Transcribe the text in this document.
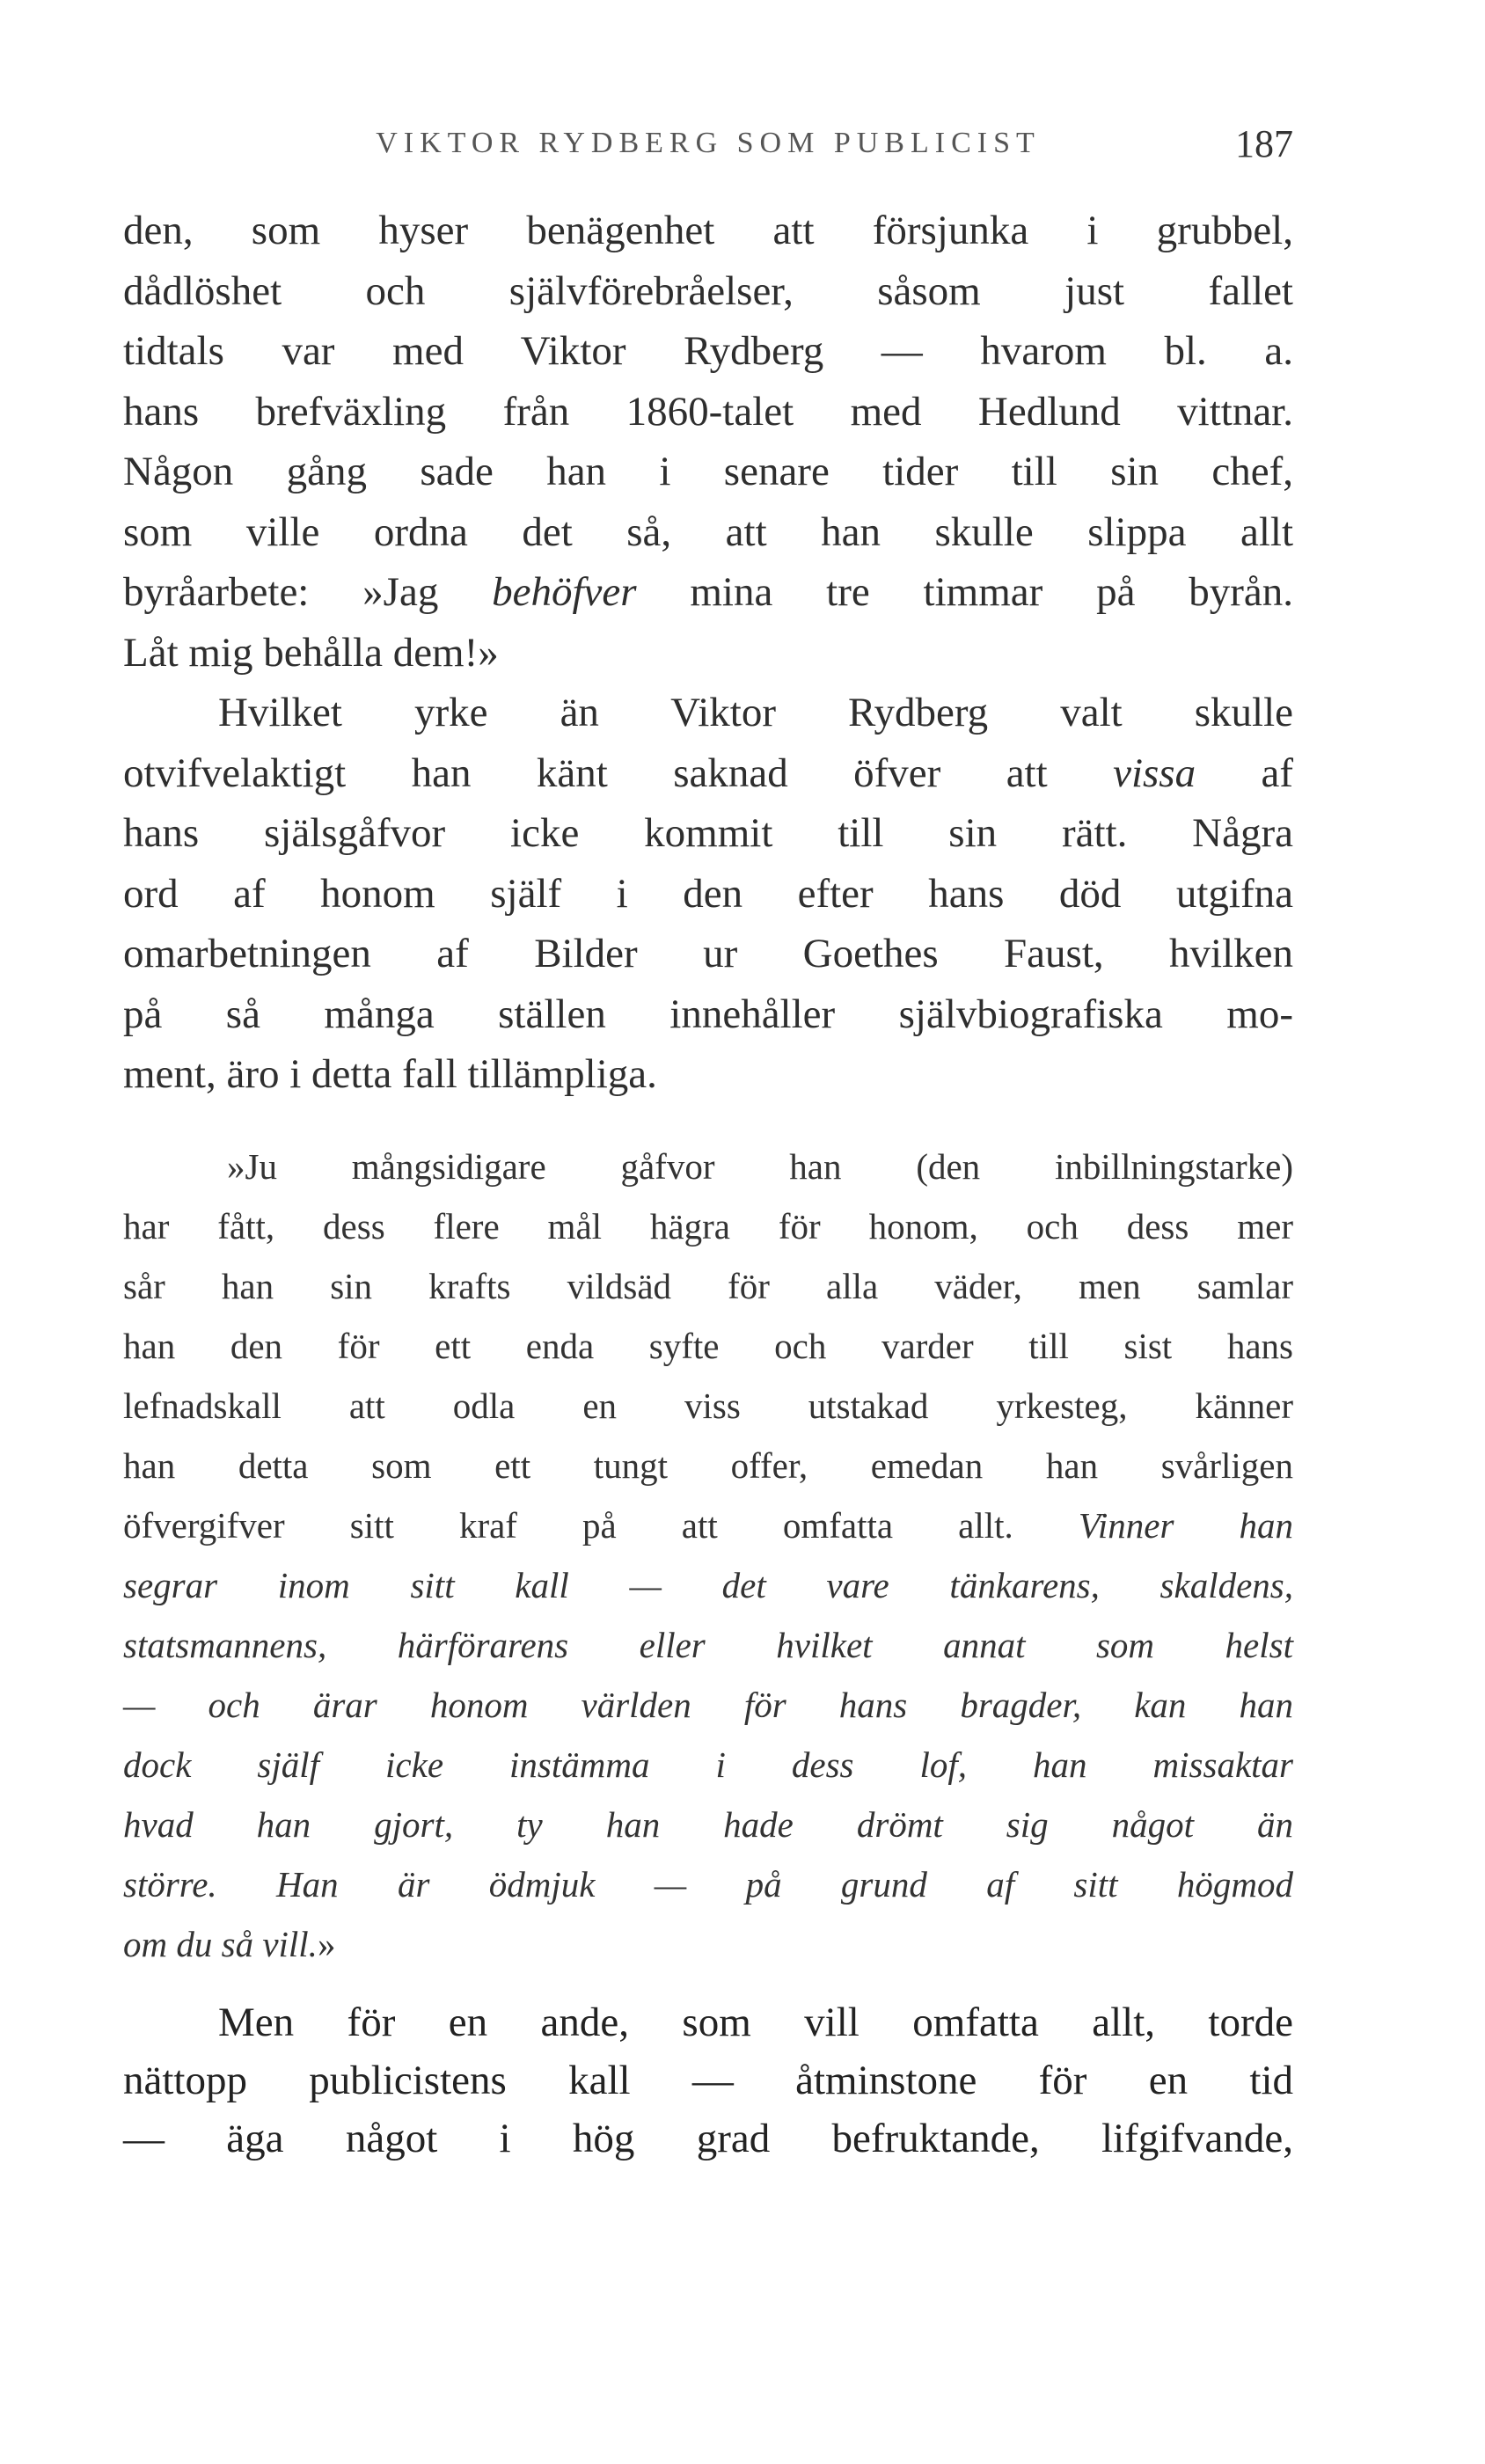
VIKTOR RYDBERG SOM PUBLICIST	187
den, som hyser benägenhet att försjunka i grubbel,
dådlöshet och självförebråelser, såsom just fallet
tidtals var med Viktor Rydberg — hvarom bl. a.
hans brefväxling från 1860-talet med Hedlund vittnar.
Någon gång sade han i senare tider till sin chef,
som ville ordna det så, att han skulle slippa allt
byråarbete: »Jag behöfver mina tre timmar på byrån.
Låt mig behålla dem!»
Hvilket yrke än Viktor Rydberg valt skulle
otvifvelaktigt han känt saknad öfver att vissa af
hans själsgåfvor icke kommit till sin rätt. Några
ord af honom själf i den efter hans död utgifna
omarbetningen af Bilder ur Goethes Faust, hvilken
på så många ställen innehåller självbiografiska mo-
ment, äro i detta fall tillämpliga.
»Ju mångsidigare gåfvor han (den inbillningstarke)
har fått, dess flere mål hägra för honom, och dess mer
sår han sin krafts vildsäd för alla väder, men samlar
han den för ett enda syfte och varder till sist hans
lefnadskall att odla en viss utstakad yrkesteg, känner
han detta som ett tungt offer, emedan han svårligen
öfvergifver sitt kraf på att omfatta allt. Vinner han
segrar inom sitt kall — det vare tänkarens, skaldens,
statsmannens, härförarens eller hvilket annat som helst
— och ärar honom världen för hans bragder, kan han
dock själf icke instämma i dess lof, han missaktar
hvad han gjort, ty han hade drömt sig något än
större. Han är ödmjuk — på grund af sitt högmod
om du så vill.»
Men för en ande, som vill omfatta allt, torde
nättopp publicistens kall — åtminstone för en tid
— äga något i hög grad befruktande, lifgifvande,
